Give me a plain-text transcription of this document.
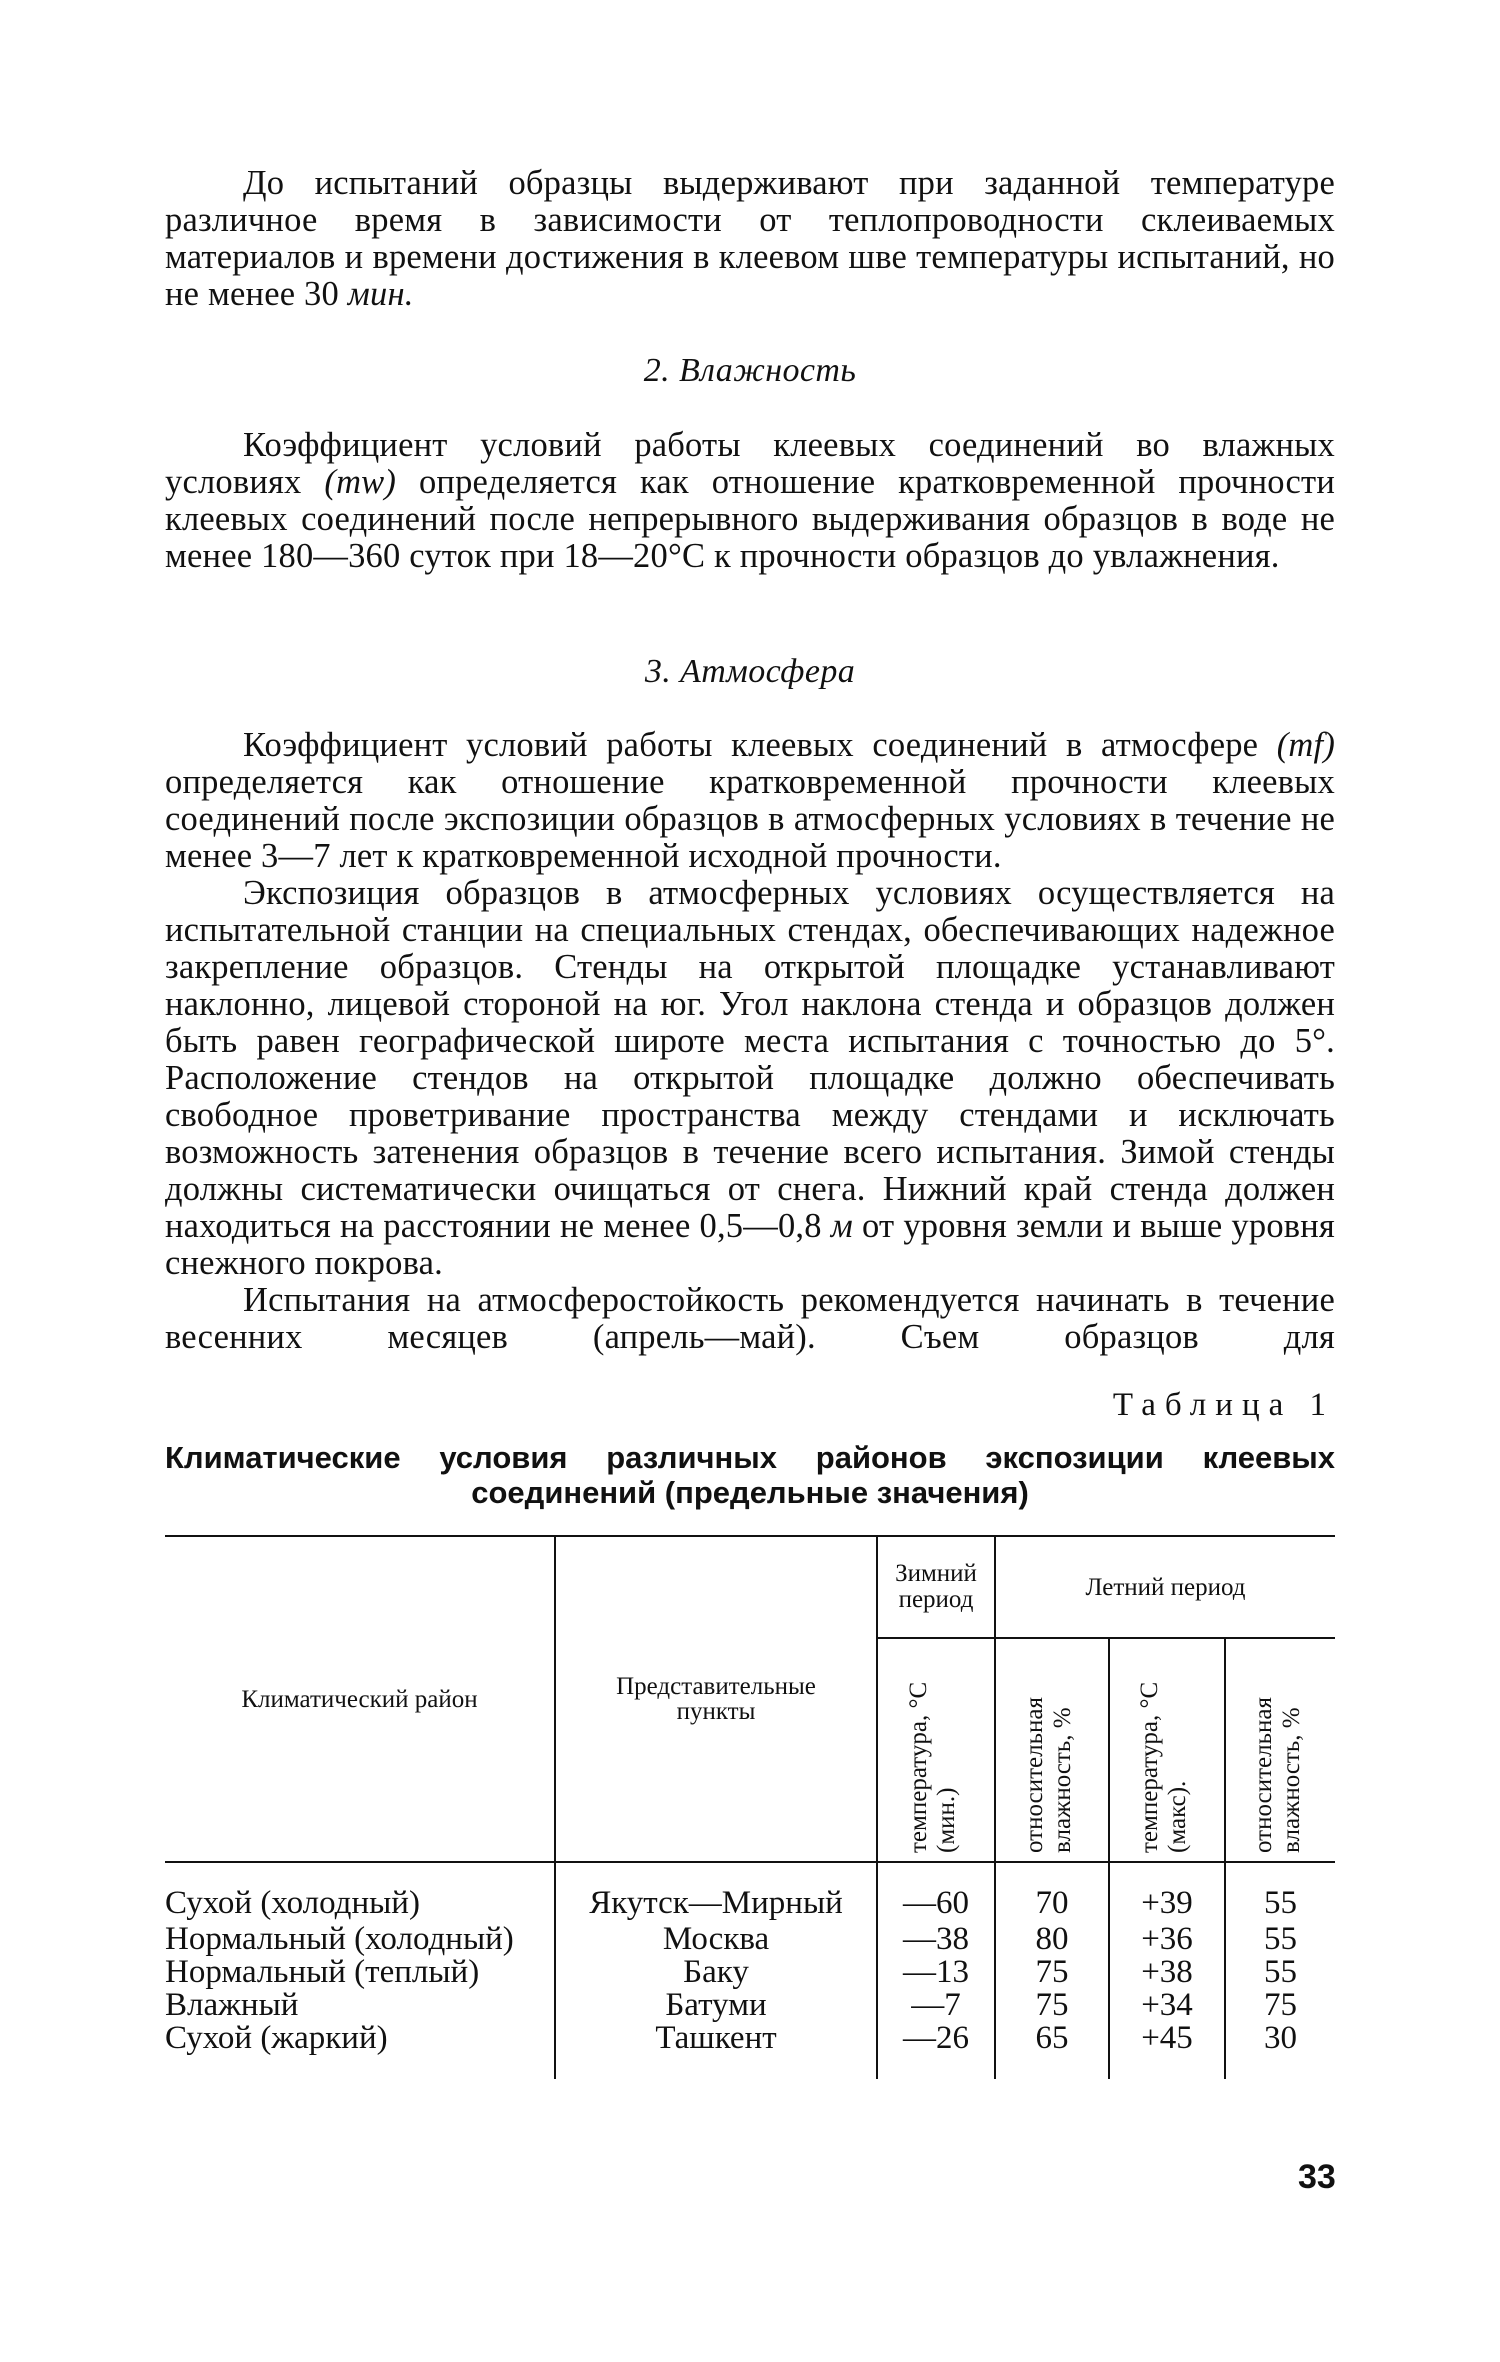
До испытаний образцы выдерживают при заданной температуре различное время в зависимости от теплопроводности склеиваемых материалов и времени достижения в клеевом шве температуры испытаний, но не менее 30 мин.

2. Влажность

Коэффициент условий работы клеевых соединений во влажных условиях (mw) определяется как отношение кратковременной прочности клеевых соединений после непрерывного выдерживания образцов в воде не менее 180—360 суток при 18—20°С к прочности образцов до увлажнения.

3. Атмосфера

Коэффициент условий работы клеевых соединений в атмосфере (mf) определяется как отношение кратковременной прочности клеевых соединений после экспозиции образцов в атмосферных условиях в течение не менее 3—7 лет к кратковременной исходной прочности.

Экспозиция образцов в атмосферных условиях осуществляется на испытательной станции на специальных стендах, обеспечивающих надежное закрепление образцов. Стенды на открытой площадке устанавливают наклонно, лицевой стороной на юг. Угол наклона стенда и образцов должен быть равен географической широте места испытания с точностью до 5°. Расположение стендов на открытой площадке должно обеспечивать свободное проветривание пространства между стендами и исключать возможность затенения образцов в течение всего испытания. Зимой стенды должны систематически очищаться от снега. Нижний край стенда должен находиться на расстоянии не менее 0,5—0,8 м от уровня земли и выше уровня снежного покрова.

Испытания на атмосферостойкость рекомендуется начинать в течение весенних месяцев (апрель—май). Съем образцов для

Таблица 1
Климатические условия различных районов экспозиции клеевых
соединений (предельные значения)
Климатический район	Представительные пункты	Зимний период	Летний период		
		температура, °С (мин.)	относительная влажность, %	температура, °С (макс).	относительная влажность, %
Сухой (холодный)	Якутск—Мирный	—60	70	+39	55

Нормальный (холодный)	Москва	—38	80	+36	55
Нормальный (теплый)	Баку	—13	75	+38	55
Влажный	Батуми	—7	75	+34	75
Сухой (жаркий)	Ташкент	—26	65	+45	30
33
